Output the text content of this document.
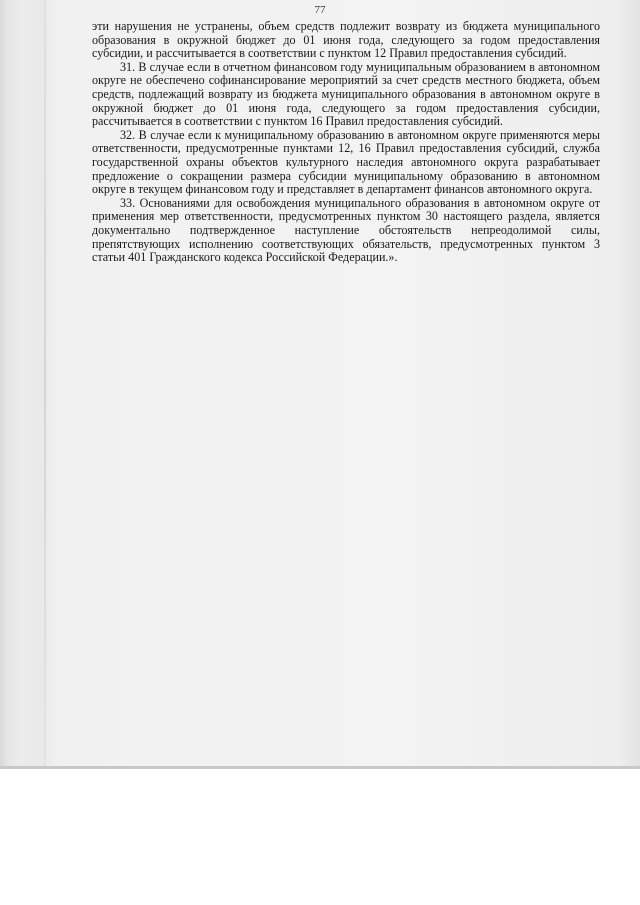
77

эти нарушения не устранены, объем средств подлежит возврату из бюджета муниципального образования в окружной бюджет до 01 июня года, следующего за годом предоставления субсидии, и рассчитывается в соответствии с пунктом 12 Правил предоставления субсидий.

31. В случае если в отчетном финансовом году муниципальным образованием в автономном округе не обеспечено софинансирование мероприятий за счет средств местного бюджета, объем средств, подлежащий возврату из бюджета муниципального образования в автономном округе в окружной бюджет до 01 июня года, следующего за годом предоставления субсидии, рассчитывается в соответствии с пунктом 16 Правил предоставления субсидий.

32. В случае если к муниципальному образованию в автономном округе применяются меры ответственности, предусмотренные пунктами 12, 16 Правил предоставления субсидий, служба государственной охраны объектов культурного наследия автономного округа разрабатывает предложение о сокращении размера субсидии муниципальному образованию в автономном округе в текущем финансовом году и представляет в департамент финансов автономного округа.

33. Основаниями для освобождения муниципального образования в автономном округе от применения мер ответственности, предусмотренных пунктом 30 настоящего раздела, является документально подтвержденное наступление обстоятельств непреодолимой силы, препятствующих исполнению соответствующих обязательств, предусмотренных пунктом 3 статьи 401 Гражданского кодекса Российской Федерации.».
